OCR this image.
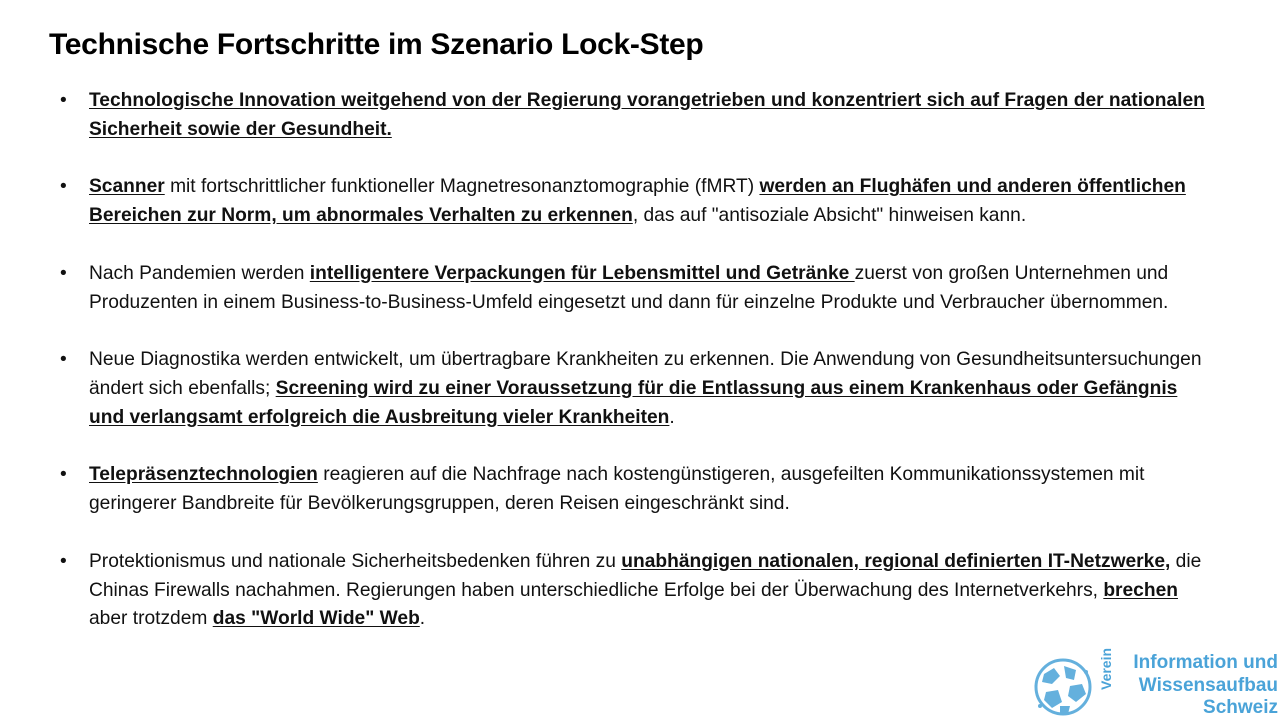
Technische Fortschritte im Szenario Lock-Step
• Technologische Innovation weitgehend von der Regierung vorangetrieben und konzentriert sich auf Fragen der nationalen Sicherheit sowie der Gesundheit.
• Scanner mit fortschrittlicher funktioneller Magnetresonanztomographie (fMRT) werden an Flughäfen und anderen öffentlichen Bereichen zur Norm, um abnormales Verhalten zu erkennen, das auf "antisoziale Absicht" hinweisen kann.
• Nach Pandemien werden intelligentere Verpackungen für Lebensmittel und Getränke zuerst von großen Unternehmen und Produzenten in einem Business-to-Business-Umfeld eingesetzt und dann für einzelne Produkte und Verbraucher übernommen.
• Neue Diagnostika werden entwickelt, um übertragbare Krankheiten zu erkennen. Die Anwendung von Gesundheitsuntersuchungen ändert sich ebenfalls; Screening wird zu einer Voraussetzung für die Entlassung aus einem Krankenhaus oder Gefängnis und verlangsamt erfolgreich die Ausbreitung vieler Krankheiten.
• Telepräsenztechnologien reagieren auf die Nachfrage nach kostengünstigeren, ausgefeilten Kommunikationssystemen mit geringerer Bandbreite für Bevölkerungsgruppen, deren Reisen eingeschränkt sind.
• Protektionismus und nationale Sicherheitsbedenken führen zu unabhängigen nationalen, regional definierten IT-Netzwerke, die Chinas Firewalls nachahmen. Regierungen haben unterschiedliche Erfolge bei der Überwachung des Internetverkehrs, brechen aber trotzdem das "World Wide" Web.
Verein Information und
Wissensaufbau
Schweiz
